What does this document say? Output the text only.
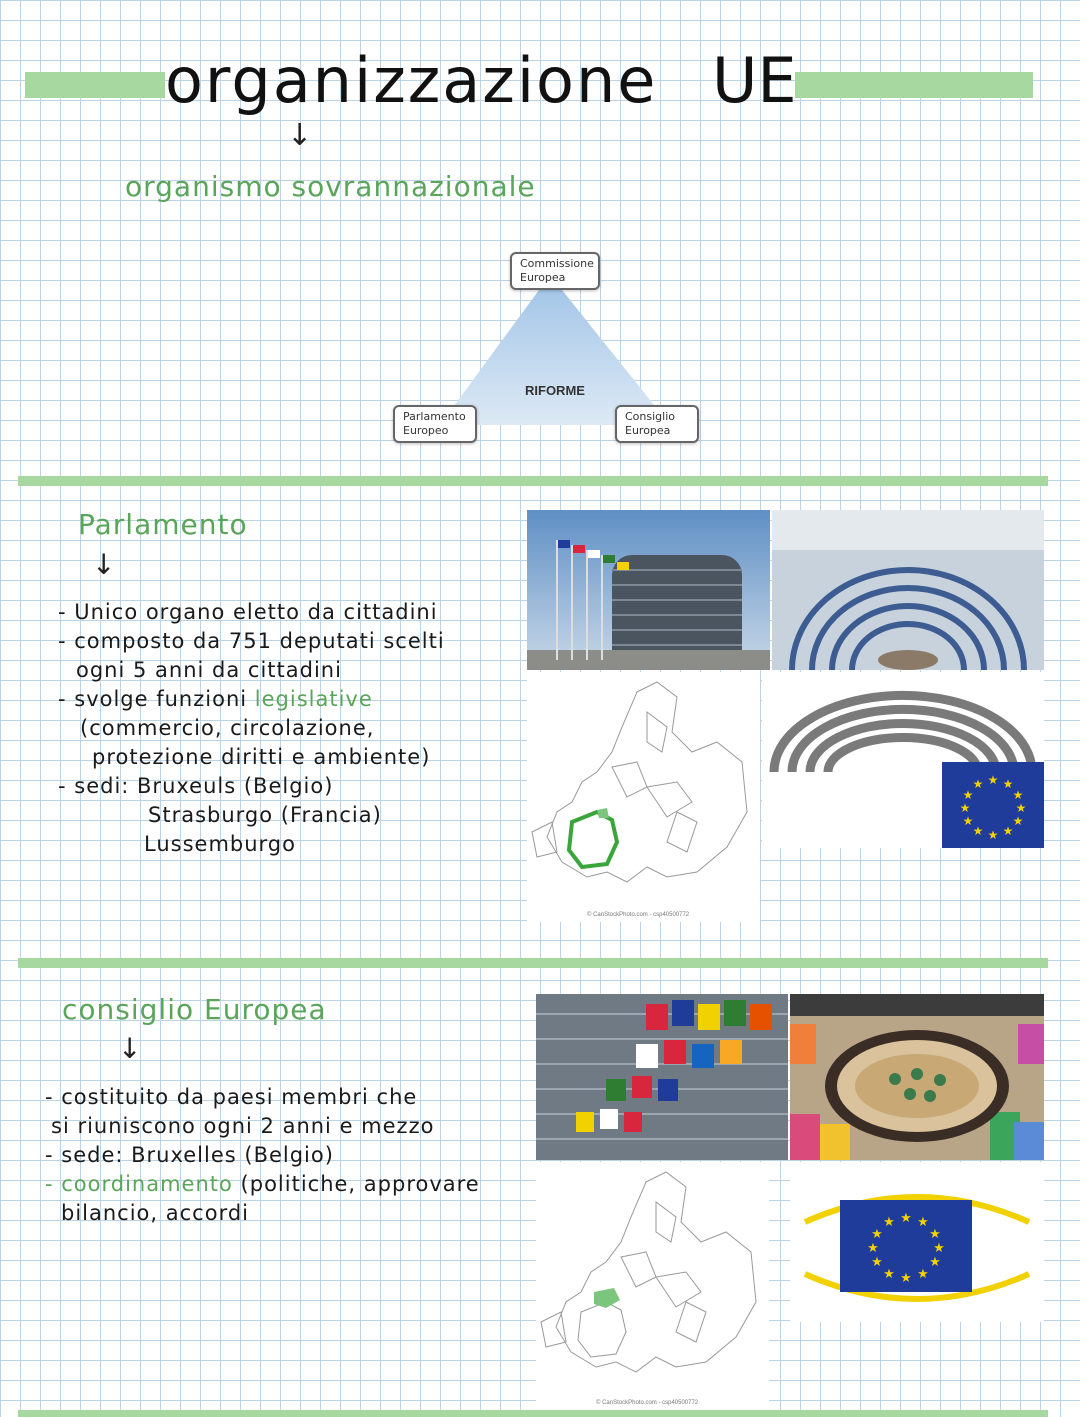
organizzazione UE
↓
organismo sovrannazionale
Commissione Europea
RIFORME
Parlamento Europeo
Consiglio Europea
Parlamento
↓
- Unico organo eletto da cittadini
- composto da 751 deputati scelti
ogni 5 anni da cittadini
- svolge funzioni legislative
(commercio, circolazione,
protezione diritti e ambiente)
- sedi: Bruxeuls (Belgio)
Strasburgo (Francia)
Lussemburgo
© CanStockPhoto.com - csp40500772
★ ★
★
★
★
★
★
★
★
★
★
★
consiglio Europea
↓
- costituito da paesi membri che
si riuniscono ogni 2 anni e mezzo
- sede: Bruxelles (Belgio)
- coordinamento (politiche, approvare
bilancio, accordi
© CanStockPhoto.com - csp40500772
★ ★
★
★
★
★
★
★
★
★
★
★
